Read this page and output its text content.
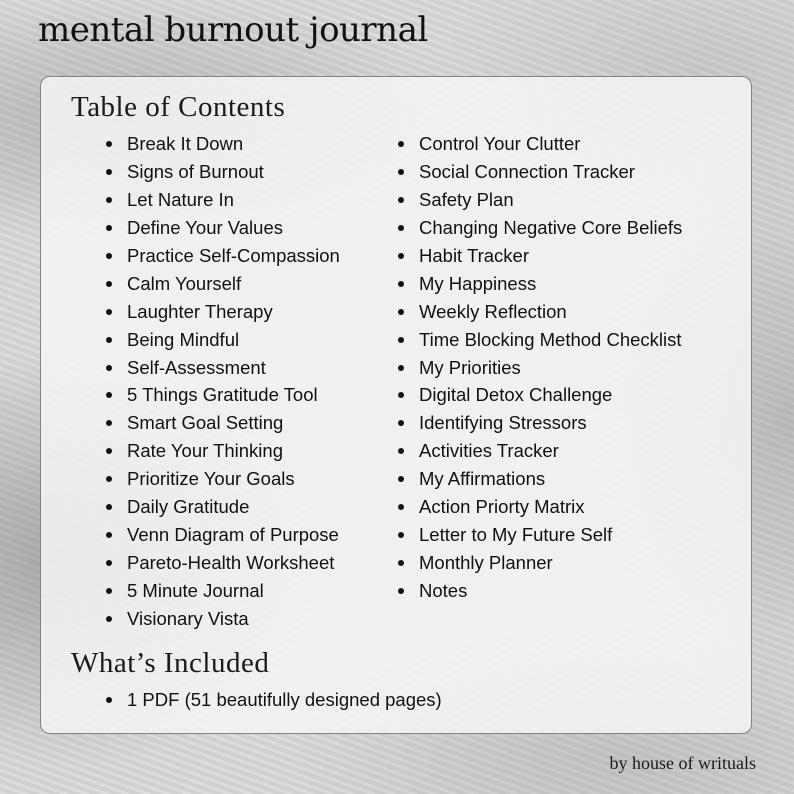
mental burnout journal
Table of Contents
Break It Down
Signs of Burnout
Let Nature In
Define Your Values
Practice Self-Compassion
Calm Yourself
Laughter Therapy
Being Mindful
Self-Assessment
5 Things Gratitude Tool
Smart Goal Setting
Rate Your Thinking
Prioritize Your Goals
Daily Gratitude
Venn Diagram of Purpose
Pareto-Health Worksheet
5 Minute Journal
Visionary Vista
Control Your Clutter
Social Connection Tracker
Safety Plan
Changing Negative Core Beliefs
Habit Tracker
My Happiness
Weekly Reflection
Time Blocking Method Checklist
My Priorities
Digital Detox Challenge
Identifying Stressors
Activities Tracker
My Affirmations
Action Priorty Matrix
Letter to My Future Self
Monthly Planner
Notes
What’s Included
1 PDF (51 beautifully designed pages)
by house of writuals
